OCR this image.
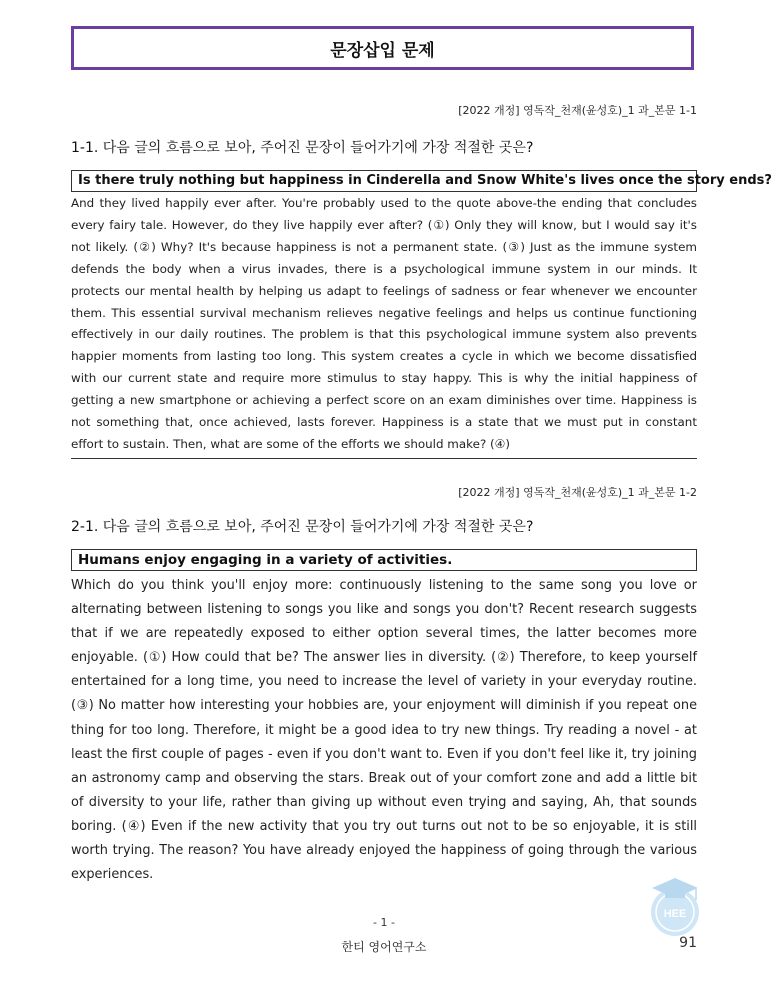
문장삽입 문제
[2022 개정] 영독작_천재(윤성호)_1 과_본문 1-1
1-1. 다음 글의 흐름으로 보아, 주어진 문장이 들어가기에 가장 적절한 곳은?
Is there truly nothing but happiness in Cinderella and Snow White's lives once the story ends?

And they lived happily ever after. You're probably used to the quote above-the ending that concludes every fairy tale. However, do they live happily ever after? (①) Only they will know, but I would say it's not likely. (②) Why? It's because happiness is not a permanent state. (③) Just as the immune system defends the body when a virus invades, there is a psychological immune system in our minds. It protects our mental health by helping us adapt to feelings of sadness or fear whenever we encounter them. This essential survival mechanism relieves negative feelings and helps us continue functioning effectively in our daily routines. The problem is that this psychological immune system also prevents happier moments from lasting too long. This system creates a cycle in which we become dissatisfied with our current state and require more stimulus to stay happy. This is why the initial happiness of getting a new smartphone or achieving a perfect score on an exam diminishes over time. Happiness is not something that, once achieved, lasts forever. Happiness is a state that we must put in constant effort to sustain. Then, what are some of the efforts we should make? (④)

[2022 개정] 영독작_천재(윤성호)_1 과_본문 1-2
2-1. 다음 글의 흐름으로 보아, 주어진 문장이 들어가기에 가장 적절한 곳은?
Humans enjoy engaging in a variety of activities.

Which do you think you'll enjoy more: continuously listening to the same song you love or alternating between listening to songs you like and songs you don't? Recent research suggests that if we are repeatedly exposed to either option several times, the latter becomes more enjoyable. (①) How could that be? The answer lies in diversity. (②) Therefore, to keep yourself entertained for a long time, you need to increase the level of variety in your everyday routine. (③) No matter how interesting your hobbies are, your enjoyment will diminish if you repeat one thing for too long. Therefore, it might be a good idea to try new things. Try reading a novel - at least the first couple of pages - even if you don't want to. Even if you don't feel like it, try joining an astronomy camp and observing the stars. Break out of your comfort zone and add a little bit of diversity to your life, rather than giving up without even trying and saying, Ah, that sounds boring. (④) Even if the new activity that you try out turns out not to be so enjoyable, it is still worth trying. The reason? You have already enjoyed the happiness of going through the various experiences.

- 1 -
한티 영어연구소	91
HEE
